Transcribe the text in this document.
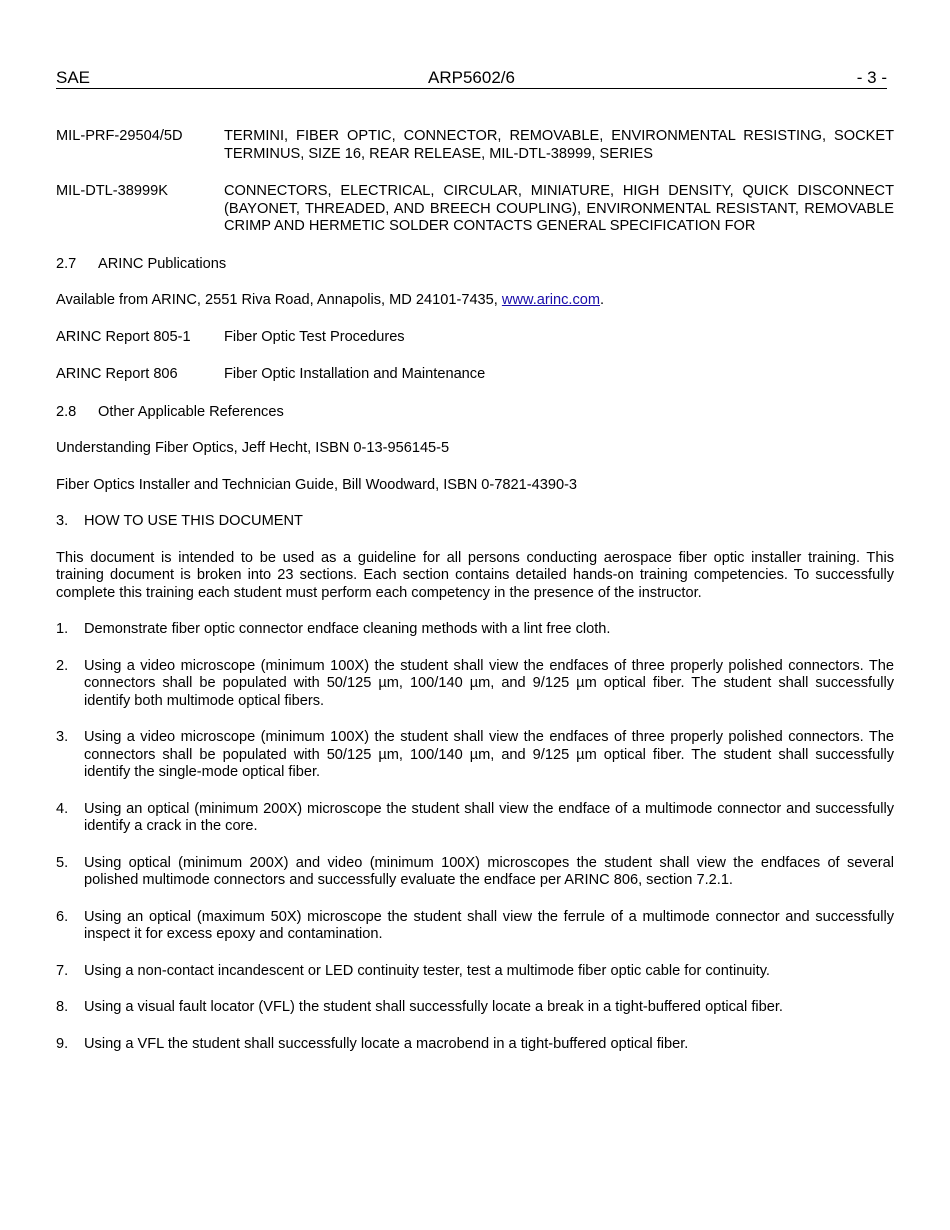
SAE	ARP5602/6	- 3 -
MIL-PRF-29504/5D	TERMINI, FIBER OPTIC, CONNECTOR, REMOVABLE, ENVIRONMENTAL RESISTING, SOCKET TERMINUS, SIZE 16, REAR RELEASE, MIL-DTL-38999, SERIES
MIL-DTL-38999K	CONNECTORS, ELECTRICAL, CIRCULAR, MINIATURE, HIGH DENSITY, QUICK DISCONNECT (BAYONET, THREADED, AND BREECH COUPLING), ENVIRONMENTAL RESISTANT, REMOVABLE CRIMP AND HERMETIC SOLDER CONTACTS GENERAL SPECIFICATION FOR

2.7 ARINC Publications

Available from ARINC, 2551 Riva Road, Annapolis, MD 24101-7435, www.arinc.com.

ARINC Report 805-1	Fiber Optic Test Procedures
ARINC Report 806	Fiber Optic Installation and Maintenance

2.8 Other Applicable References

Understanding Fiber Optics, Jeff Hecht, ISBN 0-13-956145-5

Fiber Optics Installer and Technician Guide, Bill Woodward, ISBN 0-7821-4390-3

3. HOW TO USE THIS DOCUMENT

This document is intended to be used as a guideline for all persons conducting aerospace fiber optic installer training. This training document is broken into 23 sections. Each section contains detailed hands-on training competencies. To successfully complete this training each student must perform each competency in the presence of the instructor.
1.	Demonstrate fiber optic connector endface cleaning methods with a lint free cloth.
2.	Using a video microscope (minimum 100X) the student shall view the endfaces of three properly polished connectors. The connectors shall be populated with 50/125 µm, 100/140 µm, and 9/125 µm optical fiber. The student shall successfully identify both multimode optical fibers.
3.	Using a video microscope (minimum 100X) the student shall view the endfaces of three properly polished connectors. The connectors shall be populated with 50/125 µm, 100/140 µm, and 9/125 µm optical fiber. The student shall successfully identify the single-mode optical fiber.
4.	Using an optical (minimum 200X) microscope the student shall view the endface of a multimode connector and successfully identify a crack in the core.
5.	Using optical (minimum 200X) and video (minimum 100X) microscopes the student shall view the endfaces of several polished multimode connectors and successfully evaluate the endface per ARINC 806, section 7.2.1.
6.	Using an optical (maximum 50X) microscope the student shall view the ferrule of a multimode connector and successfully inspect it for excess epoxy and contamination.
7.	Using a non-contact incandescent or LED continuity tester, test a multimode fiber optic cable for continuity.
8.	Using a visual fault locator (VFL) the student shall successfully locate a break in a tight-buffered optical fiber.
9.	Using a VFL the student shall successfully locate a macrobend in a tight-buffered optical fiber.
